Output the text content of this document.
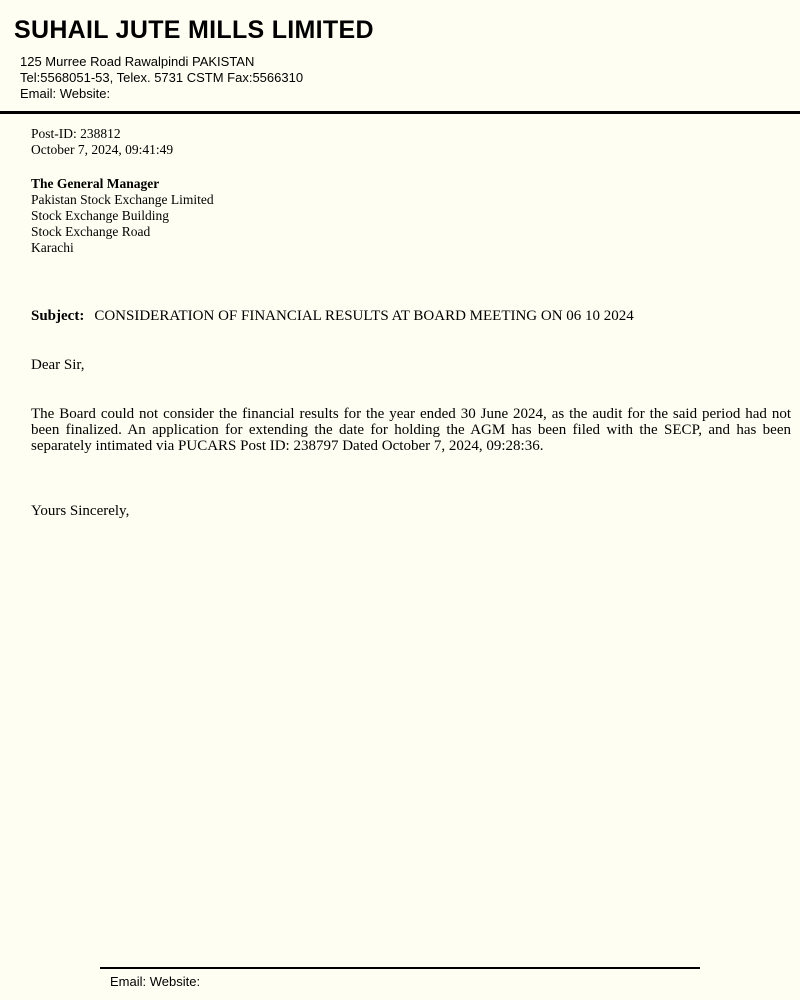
SUHAIL JUTE MILLS LIMITED
125 Murree Road Rawalpindi PAKISTAN
Tel:5568051-53, Telex. 5731 CSTM Fax:5566310
Email: Website:
Post-ID: 238812
October 7, 2024, 09:41:49
The General Manager
Pakistan Stock Exchange Limited
Stock Exchange Building
Stock Exchange Road
Karachi
Subject: CONSIDERATION OF FINANCIAL RESULTS AT BOARD MEETING ON 06 10 2024
Dear Sir,

The Board could not consider the financial results for the year ended 30 June 2024, as the audit for the said period had not been finalized. An application for extending the date for holding the AGM has been filed with the SECP, and has been separately intimated via PUCARS Post ID: 238797 Dated October 7, 2024, 09:28:36.

Yours Sincerely,
Email: Website:
